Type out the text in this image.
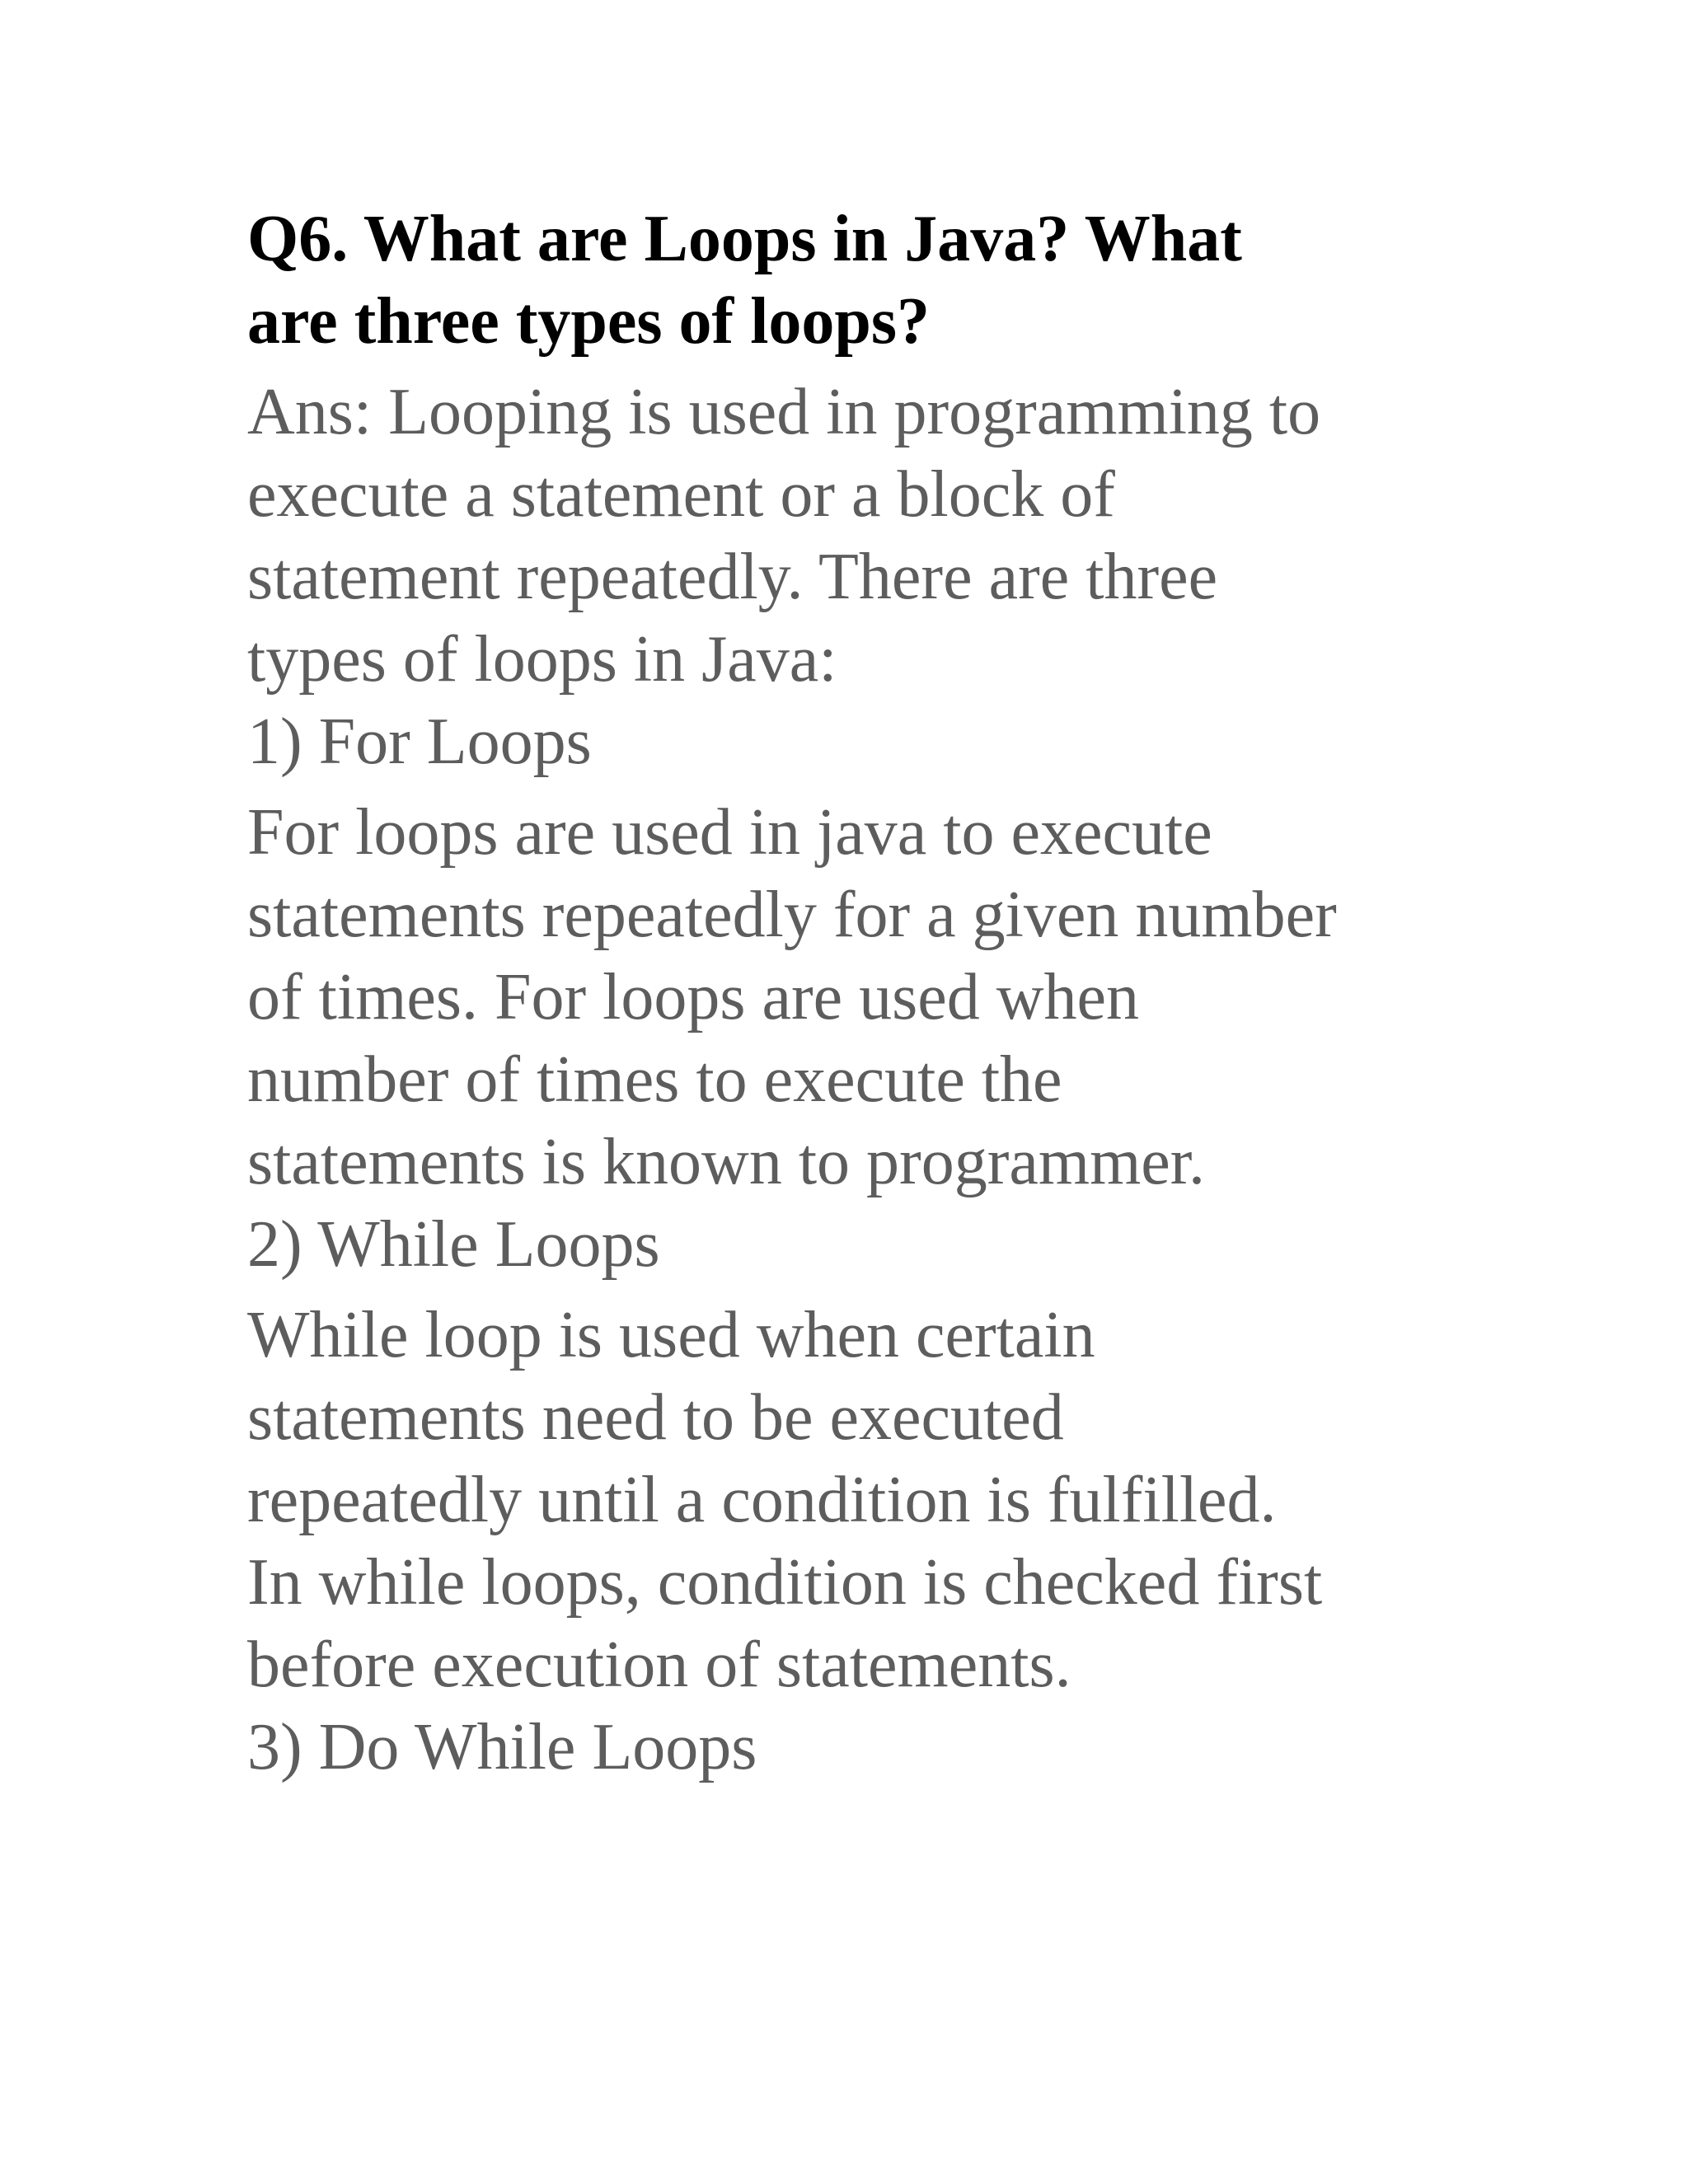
Q6. What are Loops in Java? What
are three types of loops?

Ans: Looping is used in programming to
execute a statement or a block of
statement repeatedly. There are three
types of loops in Java:

1) For Loops

For loops are used in java to execute
statements repeatedly for a given number
of times. For loops are used when
number of times to execute the
statements is known to programmer.

2) While Loops

While loop is used when certain
statements need to be executed
repeatedly until a condition is fulfilled.
In while loops, condition is checked first
before execution of statements.

3) Do While Loops
